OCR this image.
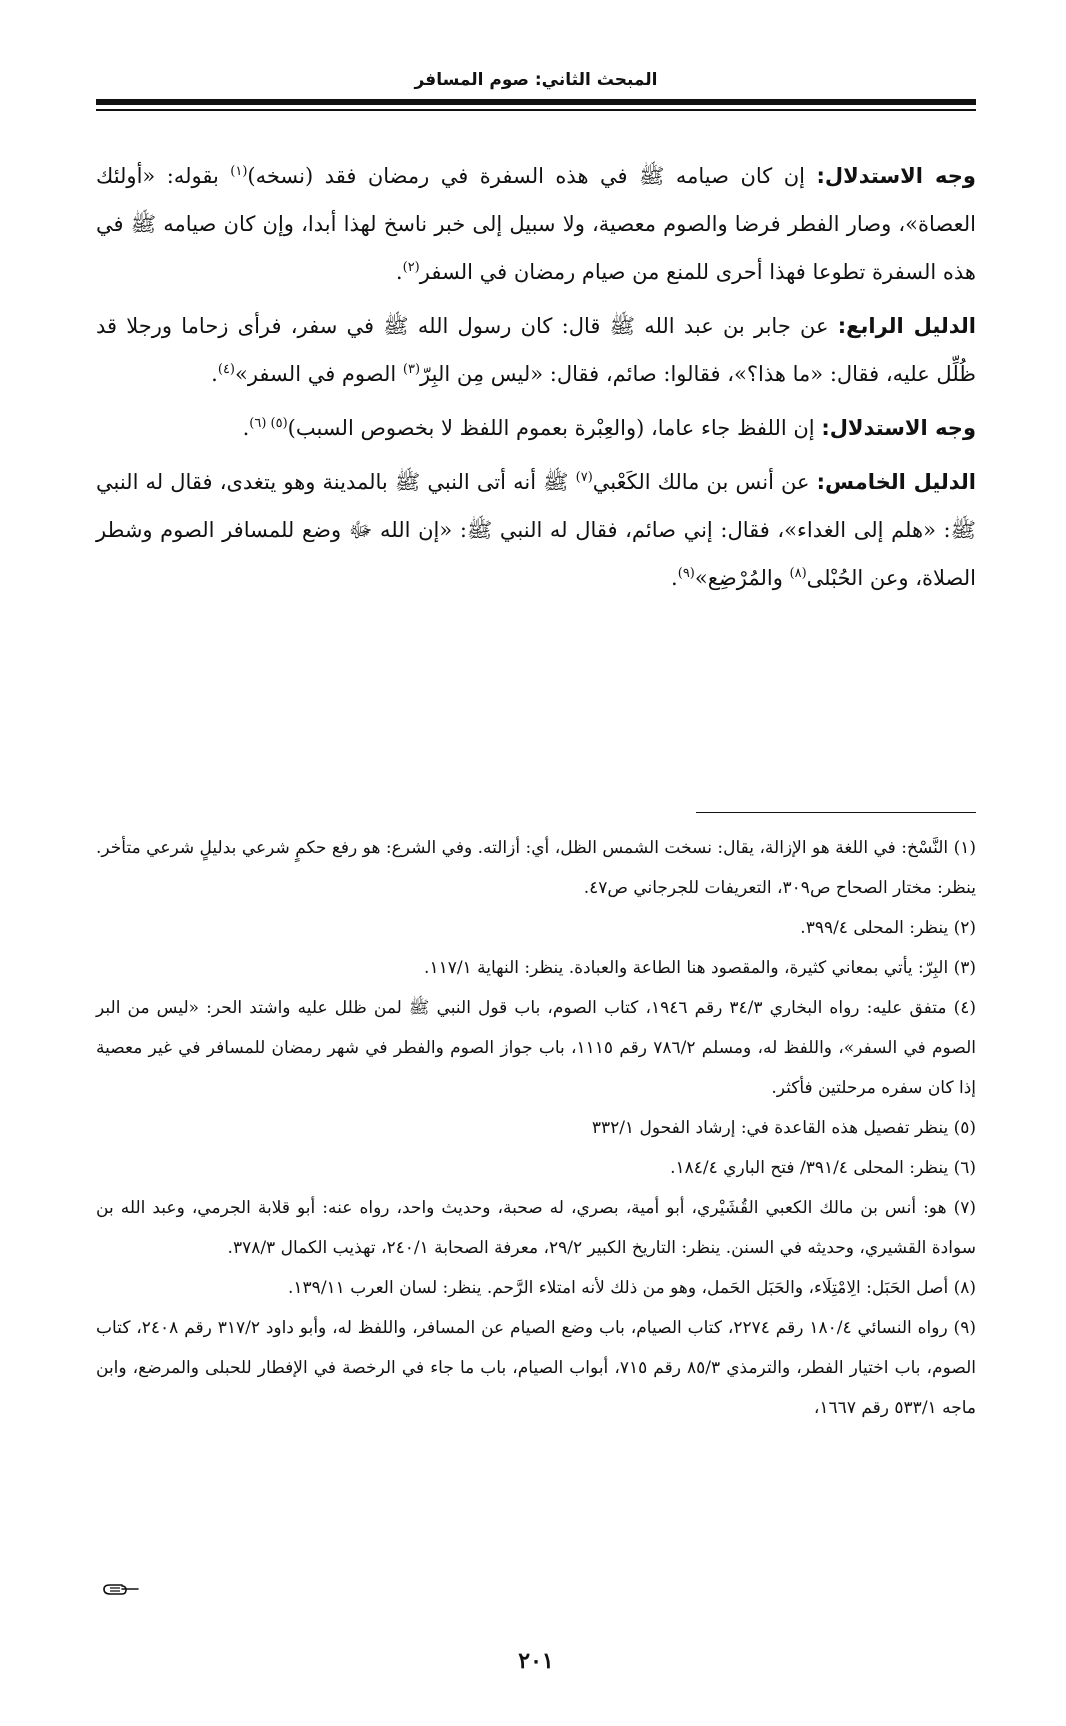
المبحث الثاني: صوم المسافر

وجه الاستدلال: إن كان صيامه ﷺ في هذه السفرة في رمضان فقد (نسخه)$^{(١)}$ بقوله: «أولئك العصاة»، وصار الفطر فرضا والصوم معصية، ولا سبيل إلى خبر ناسخ لهذا أبدا، وإن كان صيامه ﷺ في هذه السفرة تطوعا فهذا أحرى للمنع من صيام رمضان في السفر$^{(٢)}$.

الدليل الرابع: عن جابر بن عبد الله ﷺ قال: كان رسول الله ﷺ في سفر، فرأى زحاما ورجلا قد ظُلِّل عليه، فقال: «ما هذا؟»، فقالوا: صائم، فقال: «ليس مِن البِرّ$^{(٣)}$ الصوم في السفر»$^{(٤)}$.

وجه الاستدلال: إن اللفظ جاء عاما، (والعِبْرة بعموم اللفظ لا بخصوص السبب)$^{(٥) (٦)}$.

الدليل الخامس: عن أنس بن مالك الكَعْبي$^{(٧)}$ ﷺ أنه أتى النبي ﷺ بالمدينة وهو يتغدى، فقال له النبي ﷺ: «هلم إلى الغداء»، فقال: إني صائم، فقال له النبي ﷺ: «إن الله ﷻ وضع للمسافر الصوم وشطر الصلاة، وعن الحُبْلى$^{(٨)}$ والمُرْضِع»$^{(٩)}$.

(١) النَّسْخ: في اللغة هو الإزالة، يقال: نسخت الشمس الظل، أي: أزالته. وفي الشرع: هو رفع حكمٍ شرعي بدليلٍ شرعي متأخر. ينظر: مختار الصحاح ص٣٠٩، التعريفات للجرجاني ص٤٧.

(٢) ينظر: المحلى ٣٩٩/٤.

(٣) البِرّ: يأتي بمعاني كثيرة، والمقصود هنا الطاعة والعبادة. ينظر: النهاية ١١٧/١.

(٤) متفق عليه: رواه البخاري ٣٤/٣ رقم ١٩٤٦، كتاب الصوم، باب قول النبي ﷺ لمن ظلل عليه واشتد الحر: «ليس من البر الصوم في السفر»، واللفظ له، ومسلم ٧٨٦/٢ رقم ١١١٥، باب جواز الصوم والفطر في شهر رمضان للمسافر في غير معصية إذا كان سفره مرحلتين فأكثر.

(٥) ينظر تفصيل هذه القاعدة في: إرشاد الفحول ٣٣٢/١

(٦) ينظر: المحلى ٣٩١/٤/ فتح الباري ١٨٤/٤.

(٧) هو: أنس بن مالك الكعبي القُشَيْري، أبو أمية، بصري، له صحبة، وحديث واحد، رواه عنه: أبو قلابة الجرمي، وعبد الله بن سوادة القشيري، وحديثه في السنن. ينظر: التاريخ الكبير ٢٩/٢، معرفة الصحابة ٢٤٠/١، تهذيب الكمال ٣٧٨/٣.

(٨) أصل الحَبَل: الِامْتِلَاء، والحَبَل الحَمل، وهو من ذلك لأنه امتلاء الرَّحم. ينظر: لسان العرب ١٣٩/١١.

(٩) رواه النسائي ١٨٠/٤ رقم ٢٢٧٤، كتاب الصيام، باب وضع الصيام عن المسافر، واللفظ له، وأبو داود ٣١٧/٢ رقم ٢٤٠٨، كتاب الصوم، باب اختيار الفطر، والترمذي ٨٥/٣ رقم ٧١٥، أبواب الصيام، باب ما جاء في الرخصة في الإفطار للحبلى والمرضع، وابن ماجه ٥٣٣/١ رقم ١٦٦٧،

٢٠١
